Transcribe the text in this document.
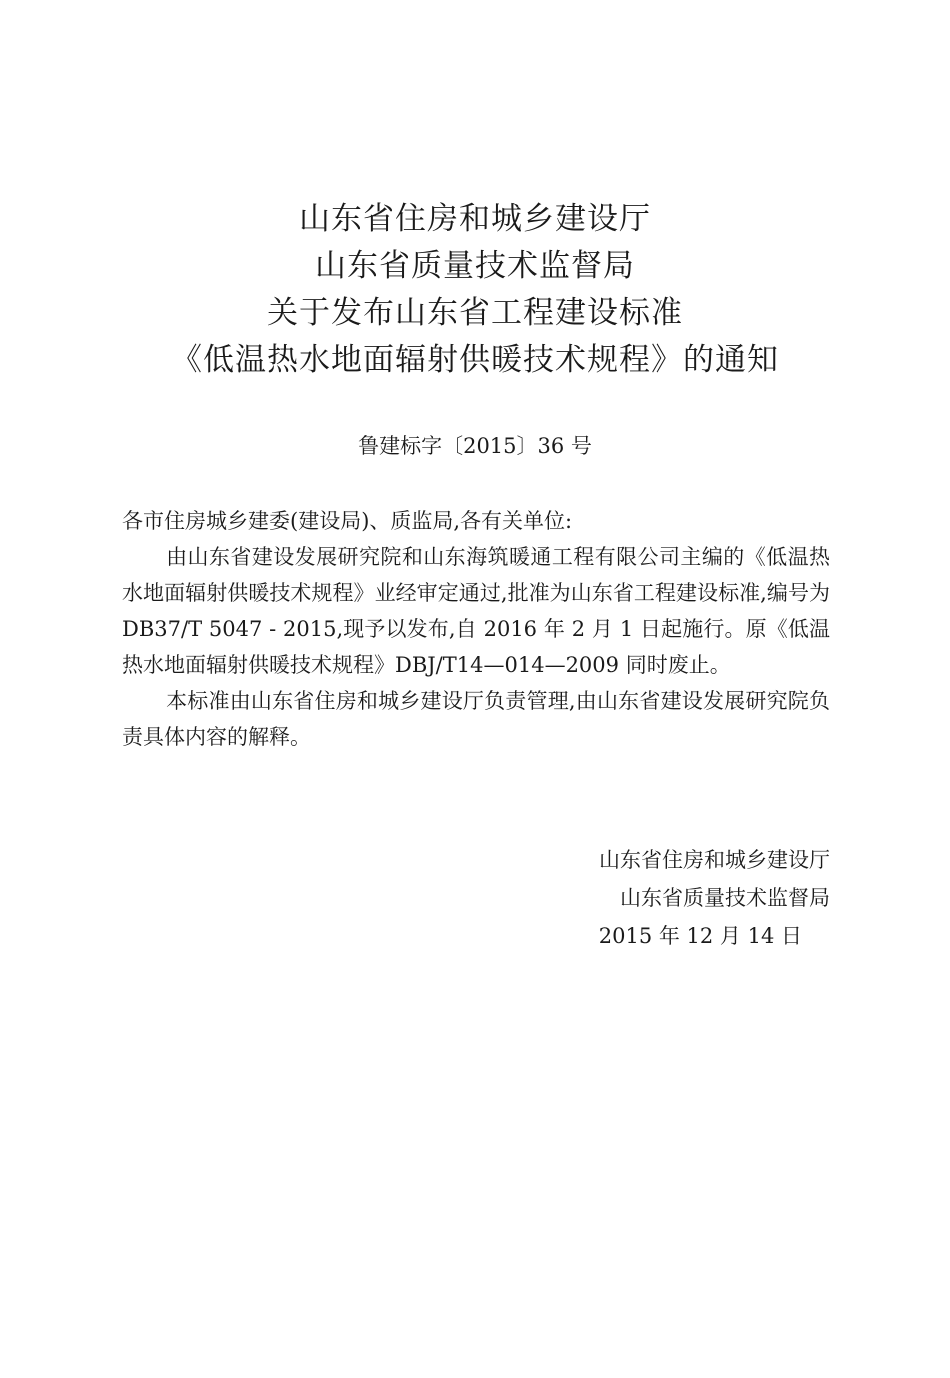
山东省住房和城乡建设厅
山东省质量技术监督局
关于发布山东省工程建设标准
《低温热水地面辐射供暖技术规程》的通知
鲁建标字〔2015〕36 号
各市住房城乡建委(建设局)、质监局,各有关单位:

由山东省建设发展研究院和山东海筑暖通工程有限公司主编的《低温热水地面辐射供暖技术规程》业经审定通过,批准为山东省工程建设标准,编号为 DB37/T 5047 - 2015,现予以发布,自 2016 年 2 月 1 日起施行。原《低温热水地面辐射供暖技术规程》DBJ/T14—014—2009 同时废止。

本标准由山东省住房和城乡建设厅负责管理,由山东省建设发展研究院负责具体内容的解释。

山东省住房和城乡建设厅
山东省质量技术监督局
2015 年 12 月 14 日
